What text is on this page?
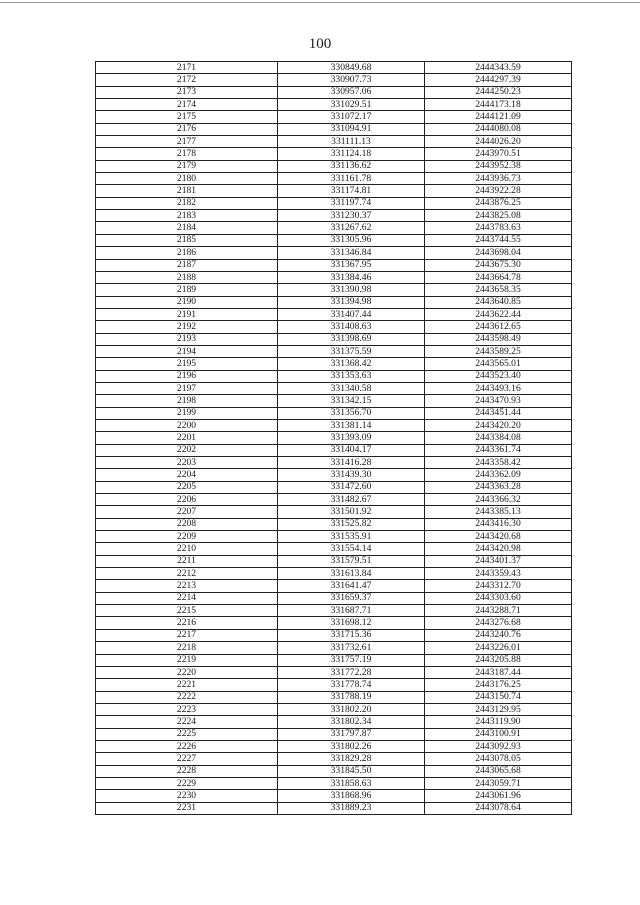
100
2171	330849.68	2444343.59
2172	330907.73	2444297.39
2173	330957.06	2444250.23
2174	331029.51	2444173.18
2175	331072.17	2444121.09
2176	331094.91	2444080.08
2177	331111.13	2444026.20
2178	331124.18	2443970.51
2179	331136.62	2443952.38
2180	331161.78	2443936.73
2181	331174.81	2443922.28
2182	331197.74	2443876.25
2183	331230.37	2443825.08
2184	331267.62	2443783.63
2185	331305.96	2443744.55
2186	331346.84	2443698.04
2187	331367.95	2443675.30
2188	331384.46	2443664.78
2189	331390.98	2443658.35
2190	331394.98	2443640.85
2191	331407.44	2443622.44
2192	331408.63	2443612.65
2193	331398.69	2443598.49
2194	331375.59	2443589.25
2195	331368.42	2443565.01
2196	331353.63	2443523.40
2197	331340.58	2443493.16
2198	331342.15	2443470.93
2199	331356.70	2443451.44
2200	331381.14	2443420.20
2201	331393.09	2443384.08
2202	331404.17	2443361.74
2203	331416.28	2443358.42
2204	331439.30	2443362.09
2205	331472.60	2443363.28
2206	331482.67	2443366.32
2207	331501.92	2443385.13
2208	331525.82	2443416.30
2209	331535.91	2443420.68
2210	331554.14	2443420.98
2211	331579.51	2443401.37
2212	331613.84	2443359.43
2213	331641.47	2443312.70
2214	331659.37	2443303.60
2215	331687.71	2443288.71
2216	331698.12	2443276.68
2217	331715.36	2443240.76
2218	331732.61	2443226.01
2219	331757.19	2443205.88
2220	331772.28	2443187.44
2221	331778.74	2443176.25
2222	331788.19	2443150.74
2223	331802.20	2443129.95
2224	331802.34	2443119.90
2225	331797.87	2443100.91
2226	331802.26	2443092.93
2227	331829.28	2443078.05
2228	331845.50	2443065.68
2229	331858.63	2443059.71
2230	331868.96	2443061.96
2231	331889.23	2443078.64
